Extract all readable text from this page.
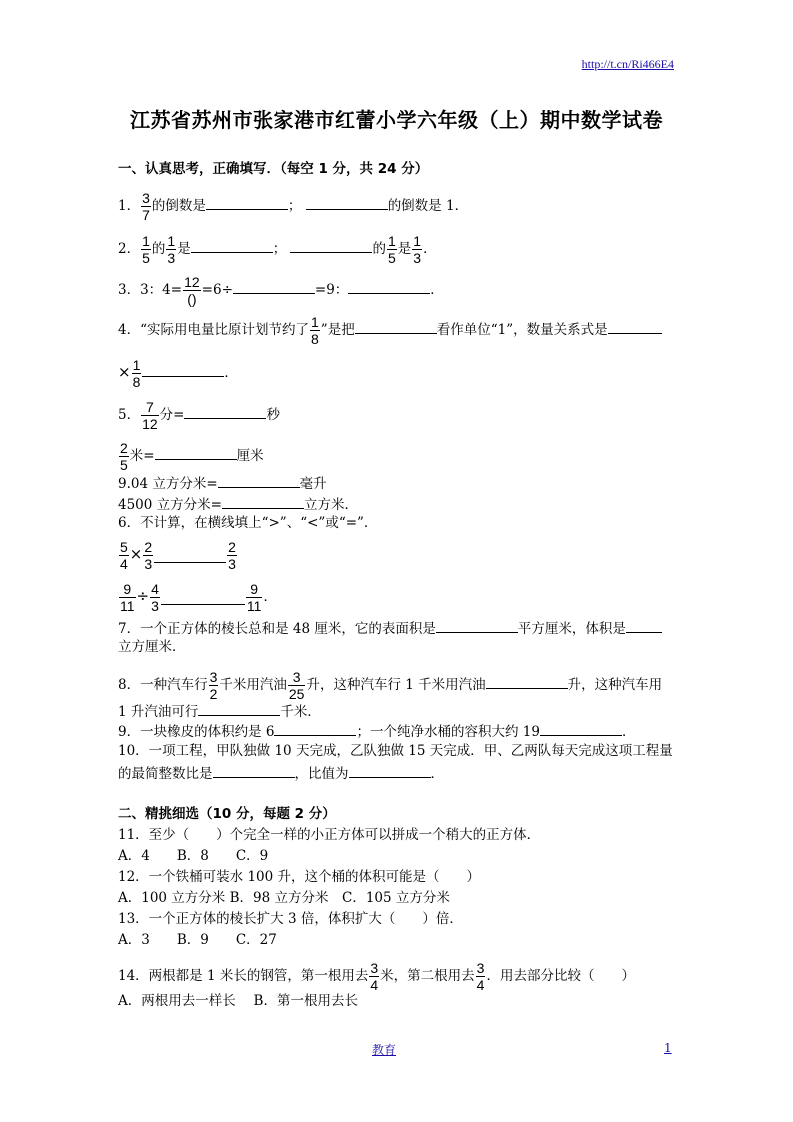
http://t.cn/Ri466E4
江苏省苏州市张家港市红蕾小学六年级（上）期中数学试卷
一、认真思考，正确填写．（每空 1 分，共 24 分）
1． $\frac{3}{7}$ 的倒数是	；	的倒数是 1．
2． $\frac{1}{5}$ 的 $\frac{1}{3}$ 是	；	的 $\frac{1}{5}$ 是 $\frac{1}{3}$ ．
3．3：$4= \frac{12}{()} =6\div$	=9：	．
4．“实际用电量比原计划节约了 $\frac{1}{8}$ ”是把	看作单位“1”，数量关系式是
× $\frac{1}{8}$	．
5． $\frac{7}{12}$ 分=	秒
$\frac{2}{5}$ 米=	厘米
9.04 立方分米=	毫升
4500 立方分米=	立方米．
6．不计算，在横线填上“>”、“<”或“=”．
$\frac{5}{4} \times \frac{2}{3}$	$\frac{2}{3}$
$\frac{9}{11} \div \frac{4}{3}$	$\frac{9}{11}$ ．
7．一个正方体的棱长总和是 48 厘米，它的表面积是	平方厘米，体积是
立方厘米．
8．一种汽车行 $\frac{3}{2}$ 千米用汽油 $\frac{3}{25}$ 升，这种汽车行 1 千米用汽油	升，这种汽车用
1 升汽油可行	千米．
9．一块橡皮的体积约是 6	；一个纯净水桶的容积大约 19	．
10．一项工程，甲队独做 10 天完成，乙队独做 15 天完成．甲、乙两队每天完成这项工程量
的最简整数比是	，比值为	．
二、精挑细选（10 分，每题 2 分）
11．至少（　　）个完全一样的小正方体可以拼成一个稍大的正方体．
A．4　　B．8　　C．9
12．一个铁桶可装水 100 升，这个桶的体积可能是（　　）
A．100 立方分米 B．98 立方分米　C．105 立方分米
13．一个正方体的棱长扩大 3 倍，体积扩大（　　）倍．
A．3　　B．9　　C．27
14．两根都是 1 米长的钢管，第一根用去 $\frac{3}{4}$ 米，第二根用去 $\frac{3}{4}$ ．用去部分比较（　　）
A．两根用去一样长　 B．第一根用去长
教育	1
